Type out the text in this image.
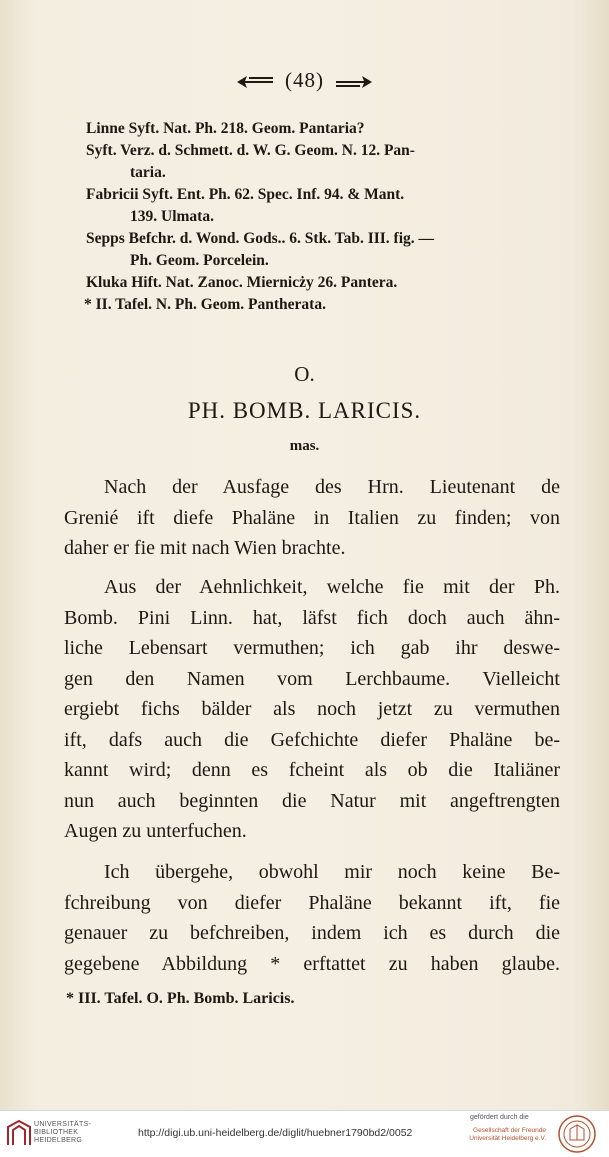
(48)
Linne Syft. Nat. Ph. 218. Geom. Pantaria?
Syft. Verz. d. Schmett. d. W. G. Geom. N. 12. Pan-
taria.
Fabricii Syft. Ent. Ph. 62. Spec. Inf. 94. & Mant.
139. Ulmata.
Sepps Befchr. d. Wond. Gods.. 6. Stk. Tab. III. fig. —
Ph. Geom. Porcelein.
Kluka Hift. Nat. Zanoc. Miernicży 26. Pantera.
* II. Tafel. N. Ph. Geom. Pantherata.
O.
PH. BOMB. LARICIS.
mas.
Nach der Ausfage des Hrn. Lieutenant de
Grenié ift diefe Phaläne in Italien zu finden; von
daher er fie mit nach Wien brachte.
Aus der Aehnlichkeit, welche fie mit der Ph.
Bomb. Pini Linn. hat, läfst fich doch auch ähn-
liche Lebensart vermuthen; ich gab ihr deswe-
gen den Namen vom Lerchbaume. Vielleicht
ergiebt fichs bälder als noch jetzt zu vermuthen
ift, dafs auch die Gefchichte diefer Phaläne be-
kannt wird; denn es fcheint als ob die Italiäner
nun auch beginnten die Natur mit angeftrengten
Augen zu unterfuchen.
Ich übergehe, obwohl mir noch keine Be-
fchreibung von diefer Phaläne bekannt ift, fie
genauer zu befchreiben, indem ich es durch die
gegebene Abbildung * erftattet zu haben glaube.
* III. Tafel. O. Ph. Bomb. Laricis.
UNIVERSITÄTS-
BIBLIOTHEK
HEIDELBERG
http://digi.ub.uni-heidelberg.de/diglit/huebner1790bd2/0052
gefördert durch die
Gesellschaft der Freunde
Universität Heidelberg e.V.
